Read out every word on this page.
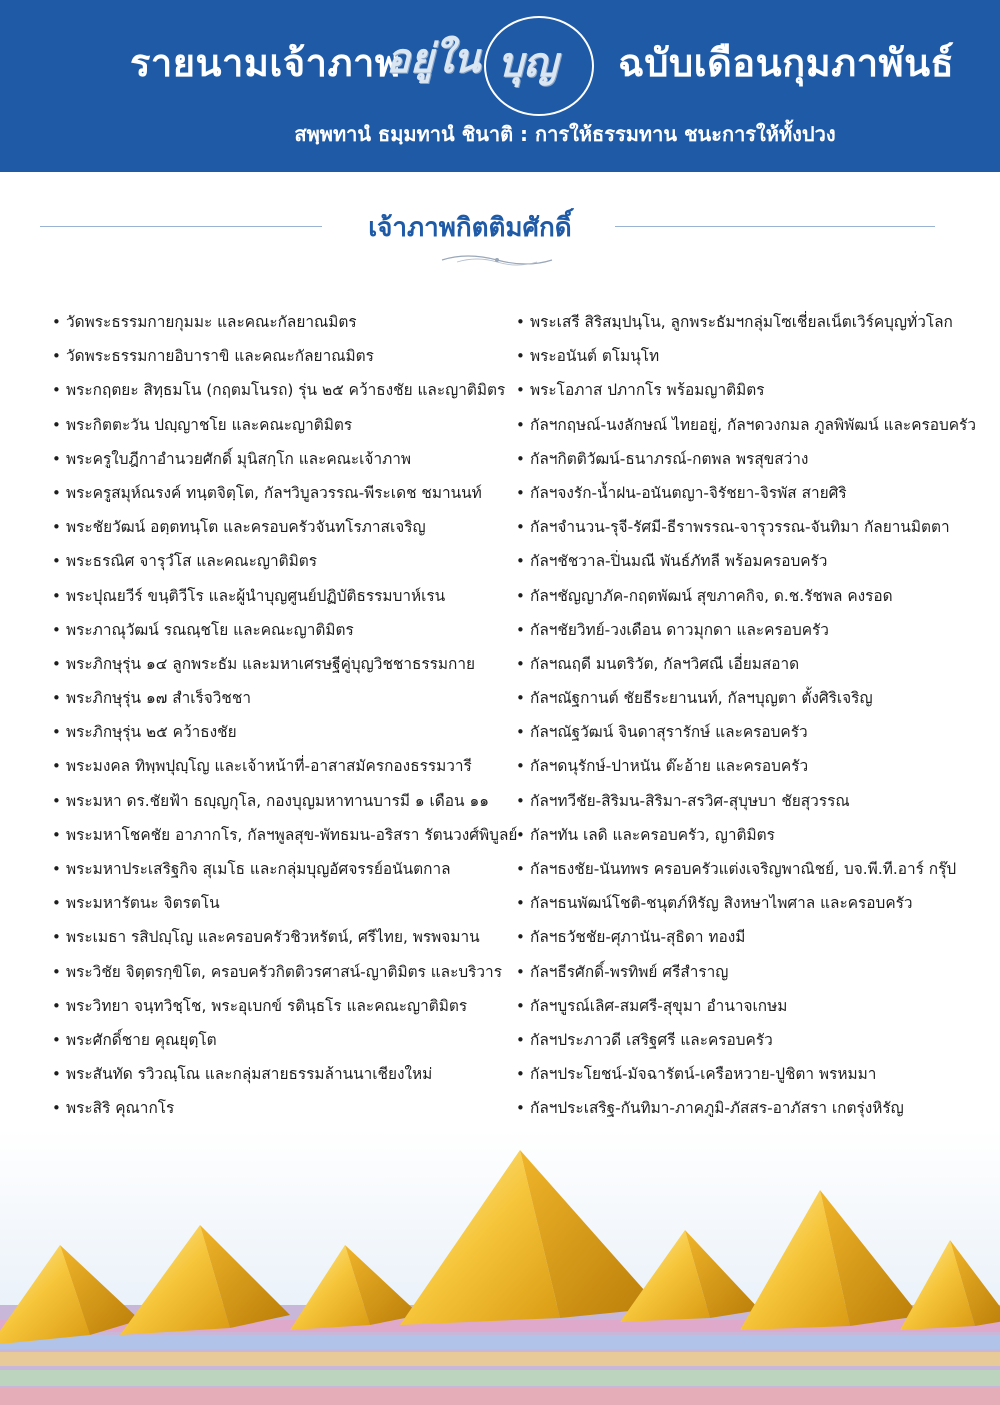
รายนามเจ้าภาพ
อยู่ใน บุญ ฉบับเดือนกุมภาพันธ์
สพฺพทานํ ธมฺมทานํ ชินาติ : การให้ธรรมทาน ชนะการให้ทั้งปวง
เจ้าภาพกิตติมศักดิ์
• วัดพระธรรมกายกุมมะ และคณะกัลยาณมิตร
• วัดพระธรรมกายอิบาราขิ และคณะกัลยาณมิตร
• พระกฤตยะ สิทฺธมโน (กฤตมโนรถ) รุ่น ๒๕ คว้าธงชัย และญาติมิตร
• พระกิตตะวัน ปญฺญาชโย และคณะญาติมิตร
• พระครูใบฎีกาอำนวยศักดิ์ มุนิสกฺโก และคณะเจ้าภาพ
• พระครูสมุห์ณรงค์ ทนฺตจิตฺโต, กัลฯวิบูลวรรณ-พีระเดช ชมานนท์
• พระชัยวัฒน์ อตฺตทนฺโต และครอบครัวจันทโรภาสเจริญ
• พระธรณิศ จารุวํโส และคณะญาติมิตร
• พระปุณยวีร์ ขนฺติวีโร และผู้นำบุญศูนย์ปฏิบัติธรรมบาห์เรน
• พระภาณุวัฒน์ รณณฺชโย และคณะญาติมิตร
• พระภิกษุรุ่น ๑๔ ลูกพระธัม และมหาเศรษฐีคู่บุญวิชชาธรรมกาย
• พระภิกษุรุ่น ๑๗ สำเร็จวิชชา
• พระภิกษุรุ่น ๒๕ คว้าธงชัย
• พระมงคล ทิพฺพปุญฺโญ และเจ้าหน้าที่-อาสาสมัครกองธรรมวารี
• พระมหา ดร.ชัยฟ้า ธญฺญกุโล, กองบุญมหาทานบารมี ๑ เดือน ๑๑
• พระมหาโชคชัย อาภากโร, กัลฯพูลสุข-พัทธมน-อริสรา รัตนวงศ์พิบูลย์
• พระมหาประเสริฐกิจ สุเมโธ และกลุ่มบุญอัศจรรย์อนันตกาล
• พระมหารัตนะ จิตรตโน
• พระเมธา รสิปญฺโญ และครอบครัวชิวหรัตน์, ศรีไทย, พรพจมาน
• พระวิชัย จิตฺตรกฺขิโต, ครอบครัวกิตติวรศาสน์-ญาติมิตร และบริวาร
• พระวิทยา จนฺทวิชฺโช, พระอุเบกข์ รตินฺธโร และคณะญาติมิตร
• พระศักดิ์ชาย คุณยุตฺโต
• พระสันทัด รวิวณฺโณ และกลุ่มสายธรรมล้านนาเชียงใหม่
• พระสิริ คุณากโร
• พระเสรี สิริสมฺปนฺโน, ลูกพระธัมฯกลุ่มโซเชี่ยลเน็ตเวิร์คบุญทั่วโลก
• พระอนันต์ ตโมนุโท
• พระโอภาส ปภากโร พร้อมญาติมิตร
• กัลฯกฤษณ์-นงลักษณ์ ไทยอยู่, กัลฯดวงกมล ภูลพิพัฒน์ และครอบครัว
• กัลฯกิตติวัฒน์-ธนาภรณ์-กตพล พรสุขสว่าง
• กัลฯจงรัก-น้ำฝน-อนันตญา-จิรัชยา-จิรพัส สายศิริ
• กัลฯจำนวน-รุจี-รัศมี-ธีราพรรณ-จารุวรรณ-จันทิมา กัลยานมิตตา
• กัลฯชัชวาล-ปิ่นมณี พันธ์ภัทลี พร้อมครอบครัว
• กัลฯชัญญาภัค-กฤตพัฒน์ สุขภาคกิจ, ด.ช.รัชพล คงรอด
• กัลฯชัยวิทย์-วงเดือน ดาวมุกดา และครอบครัว
• กัลฯณฤดี มนตริวัต, กัลฯวิศณี เอี่ยมสอาด
• กัลฯณัฐกานต์ ชัยธีระยานนท์, กัลฯบุญตา ตั้งศิริเจริญ
• กัลฯณัฐวัฒน์ จินดาสุรารักษ์ และครอบครัว
• กัลฯดนุรักษ์-ปาหนัน ต๊ะอ้าย และครอบครัว
• กัลฯทวีชัย-สิริมน-สิริมา-สรวิศ-สุบุษบา ชัยสุวรรณ
• กัลฯทัน เลดิ และครอบครัว, ญาติมิตร
• กัลฯธงชัย-นันทพร ครอบครัวแต่งเจริญพาณิชย์, บจ.พี.ที.อาร์ กรุ๊ป
• กัลฯธนพัฒน์โชติ-ชนุตภ์หิรัญ สิงหษาไพศาล และครอบครัว
• กัลฯธวัชชัย-ศุภานัน-สุธิดา ทองมี
• กัลฯธีรศักดิ์-พรทิพย์ ศรีสำราญ
• กัลฯบูรณ์เลิศ-สมศรี-สุขุมา อำนาจเกษม
• กัลฯประภาวดี เสริฐศรี และครอบครัว
• กัลฯประโยชน์-มัจฉารัตน์-เครือหวาย-ปูชิตา พรหมมา
• กัลฯประเสริฐ-กันทิมา-ภาคภูมิ-ภัสสร-อาภัสรา เกตรุ่งหิรัญ
